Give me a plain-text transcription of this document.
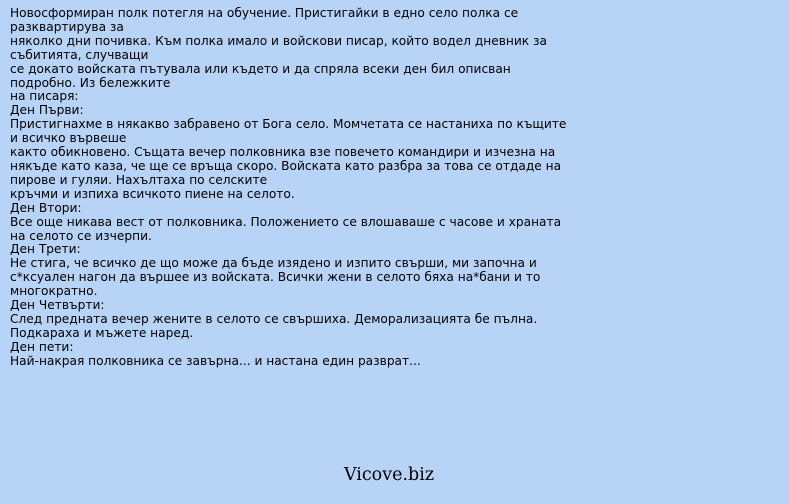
Новосформиран полк потегля на обучение. Пристигайки в едно село полка се
разквартирува за
няколко дни почивка. Към полка имало и войскови писар, който водел дневник за
събитията, случващи
се докато войската пътувала или където и да спряла всеки ден бил описван
подробно. Из бележките
на писаря:
Ден Първи:
Пристигнахме в някакво забравено от Бога село. Момчетата се настаниха по къщите
и всичко вървеше
както обикновено. Същата вечер полковника взе повечето командири и изчезна на
някъде като каза, че ще се връща скоро. Войската като разбра за това се отдаде на
пирове и гуляи. Нахълтаха по селските
кръчми и изпиха всичкото пиене на селото.
Ден Втори:
Все още никава вест от полковника. Положението се влошаваше с часове и храната
на селото се изчерпи.
Ден Трети:
Не стига, че всичко де що може да бъде изядено и изпито свърши, ми започна и
с*ксуален нагон да вършее из войската. Всички жени в селото бяха на*бани и то
многократно.
Ден Четвърти:
След предната вечер жените в селото се свършиха. Деморализацията бе пълна.
Подкараха и мъжете наред.
Ден пети:
Най-накрая полковника се завърна... и настана един разврат...
Vicove.biz
